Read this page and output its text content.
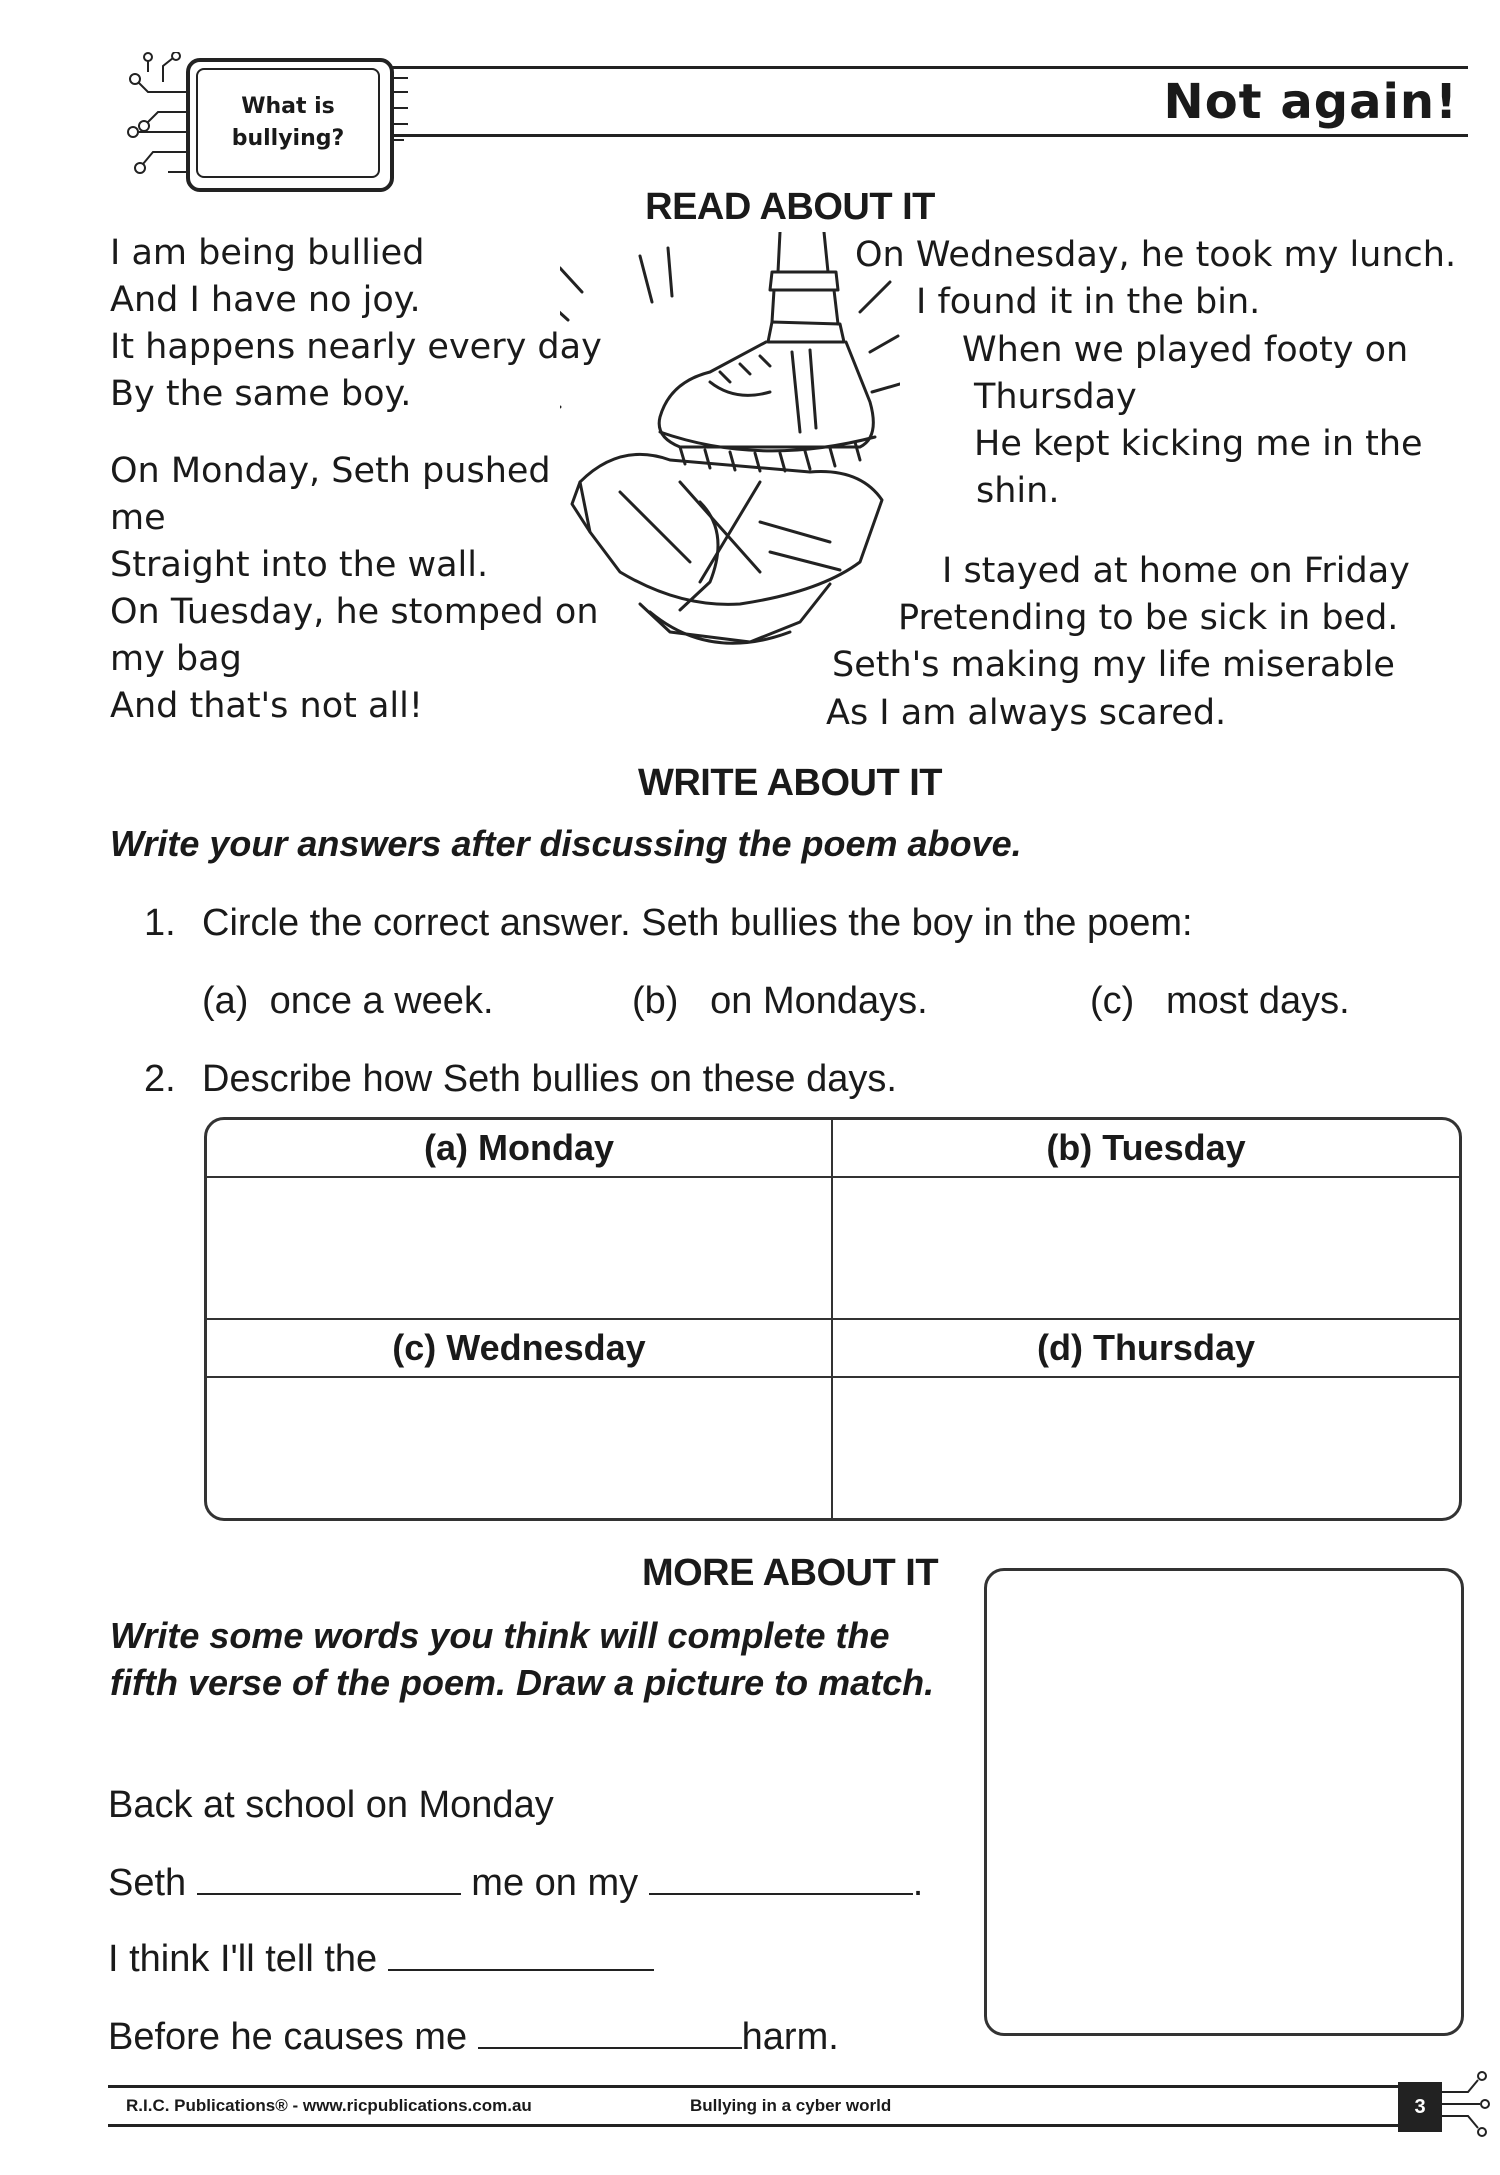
What is
bullying?
Not again!
READ ABOUT IT
I am being bullied
And I have no joy.
It happens nearly every day
By the same boy.
On Monday, Seth pushed
me
Straight into the wall.
On Tuesday, he stomped on
my bag
And that's not all!
On Wednesday, he took my lunch.
I found it in the bin.
When we played footy on
Thursday
He kept kicking me in the
shin.
I stayed at home on Friday
Pretending to be sick in bed.
Seth's making my life miserable
As I am always scared.
WRITE ABOUT IT
Write your answers after discussing the poem above.
1. Circle the correct answer. Seth bullies the boy in the poem:
(a) once a week.	(b) on Mondays.	(c) most days.
2. Describe how Seth bullies on these days.
(a) Monday	(b) Tuesday

(c) Wednesday	(d) Thursday

MORE ABOUT IT
Write some words you think will complete the fifth verse of the poem. Draw a picture to match.
Back at school on Monday
Seth	me on my	.
I think I'll tell the
Before he causes me	harm.
R.I.C. Publications® - www.ricpublications.com.au	Bullying in a cyber world	3
